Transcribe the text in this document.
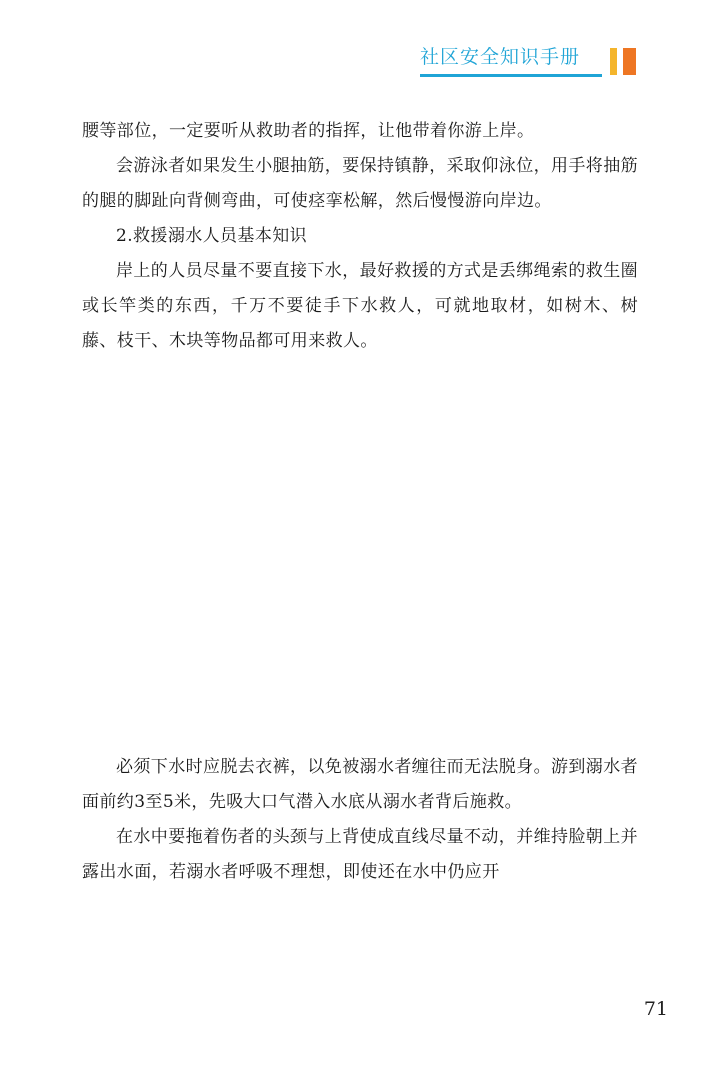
社区安全知识手册

腰等部位，一定要听从救助者的指挥，让他带着你游上岸。

会游泳者如果发生小腿抽筋，要保持镇静，采取仰泳位，用手将抽筋的腿的脚趾向背侧弯曲，可使痉挛松解，然后慢慢游向岸边。

2.救援溺水人员基本知识

岸上的人员尽量不要直接下水，最好救援的方式是丢绑绳索的救生圈或长竿类的东西，千万不要徒手下水救人，可就地取材，如树木、树藤、枝干、木块等物品都可用来救人。

必须下水时应脱去衣裤，以免被溺水者缠往而无法脱身。游到溺水者面前约3至5米，先吸大口气潜入水底从溺水者背后施救。

在水中要拖着伤者的头颈与上背使成直线尽量不动，并维持脸朝上并露出水面，若溺水者呼吸不理想，即使还在水中仍应开

71
